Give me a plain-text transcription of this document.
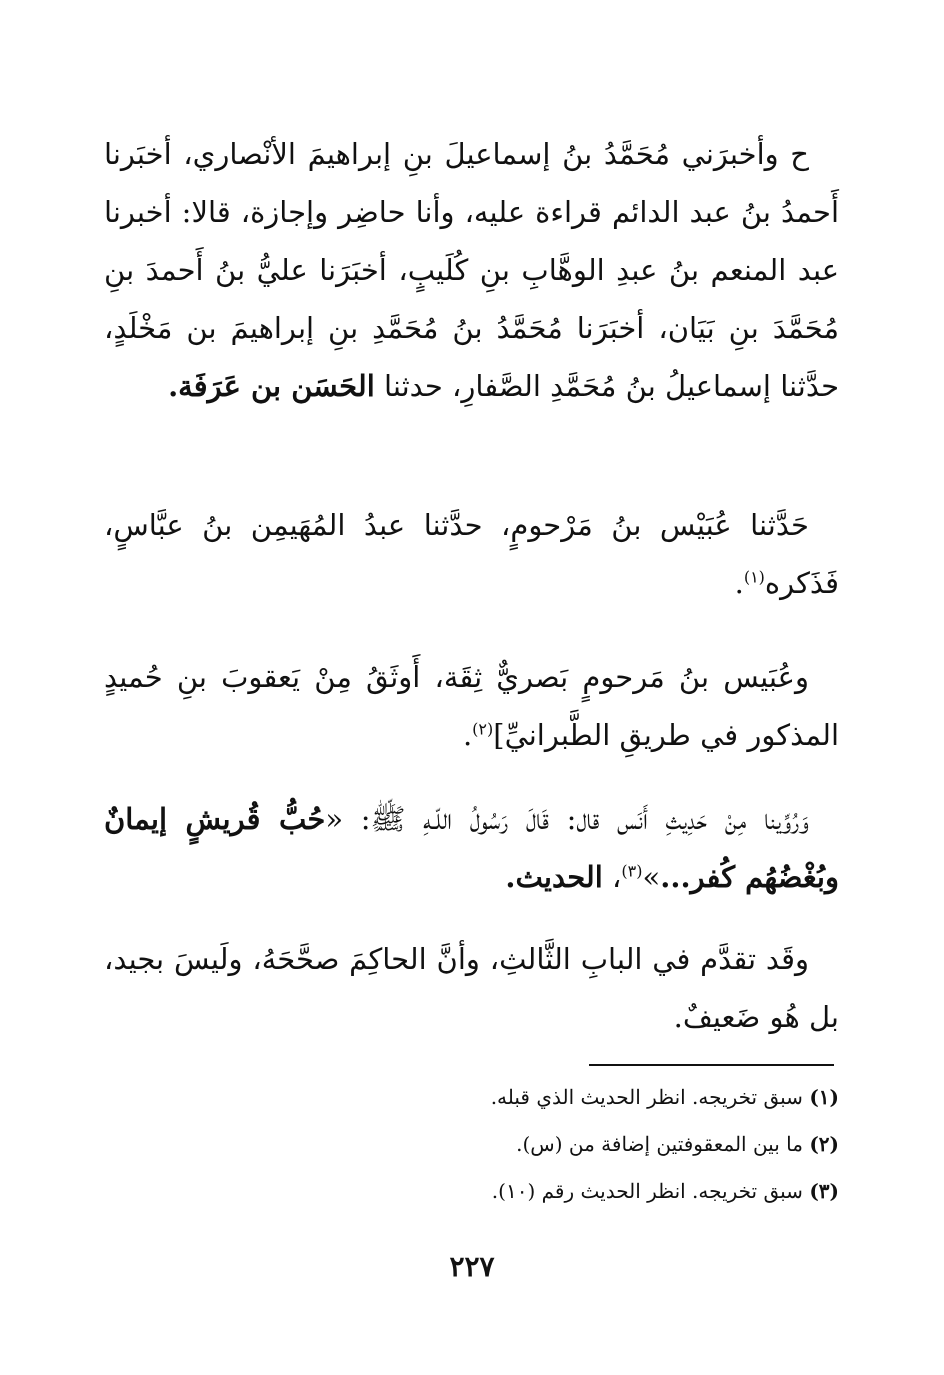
ح وأخبرَني مُحَمَّدُ بنُ إسماعيلَ بنِ إبراهيمَ الأنْصاري، أخبَرنا أَحمدُ بنُ عبد الدائم قراءة عليه، وأنا حاضِر وإجازة، قالا: أخبرنا عبد المنعم بنُ عبدِ الوهَّابِ بنِ كُلَيبٍ، أخبَرَنا عليُّ بنُ أَحمدَ بنِ مُحَمَّدَ بنِ بَيَان، أخبَرَنا مُحَمَّدُ بنُ مُحَمَّدِ بنِ إبراهيمَ بن مَخْلَدٍ، حدَّثنا إسماعيلُ بنُ مُحَمَّدِ الصَّفارِ، حدثنا الحَسَن بن عَرَفَة.

حَدَّثنا عُبَيْس بنُ مَرْحومٍ، حدَّثنا عبدُ المُهَيمِن بنُ عبَّاسٍ، فَذَكره$^{(١)}$.

وعُبَيس بنُ مَرحومٍ بَصريٌّ ثِقَة، أَوثَقُ مِنْ يَعقوبَ بنِ حُميدٍ المذكور في طريقِ الطَّبرانيِّ]$^{(٢)}$.

وَرُوِّينا مِنْ حَدِيثِ أَنَس قال: قَالَ رَسُولُ اللّـهِ ﷺ: «حُبُّ قُريشٍ إيمانٌ وبُغْضُهُم كُفر...»$^{(٣)}$، الحديث.

وقَد تقدَّم في البابِ الثَّالثِ، وأنَّ الحاكِمَ صحَّحَهُ، ولَيسَ بجيد، بل هُو ضَعيفٌ.

(١) سبق تخريجه. انظر الحديث الذي قبله.
(٢) ما بين المعقوفتين إضافة من (س).
(٣) سبق تخريجه. انظر الحديث رقم (١٠).
٢٢٧
